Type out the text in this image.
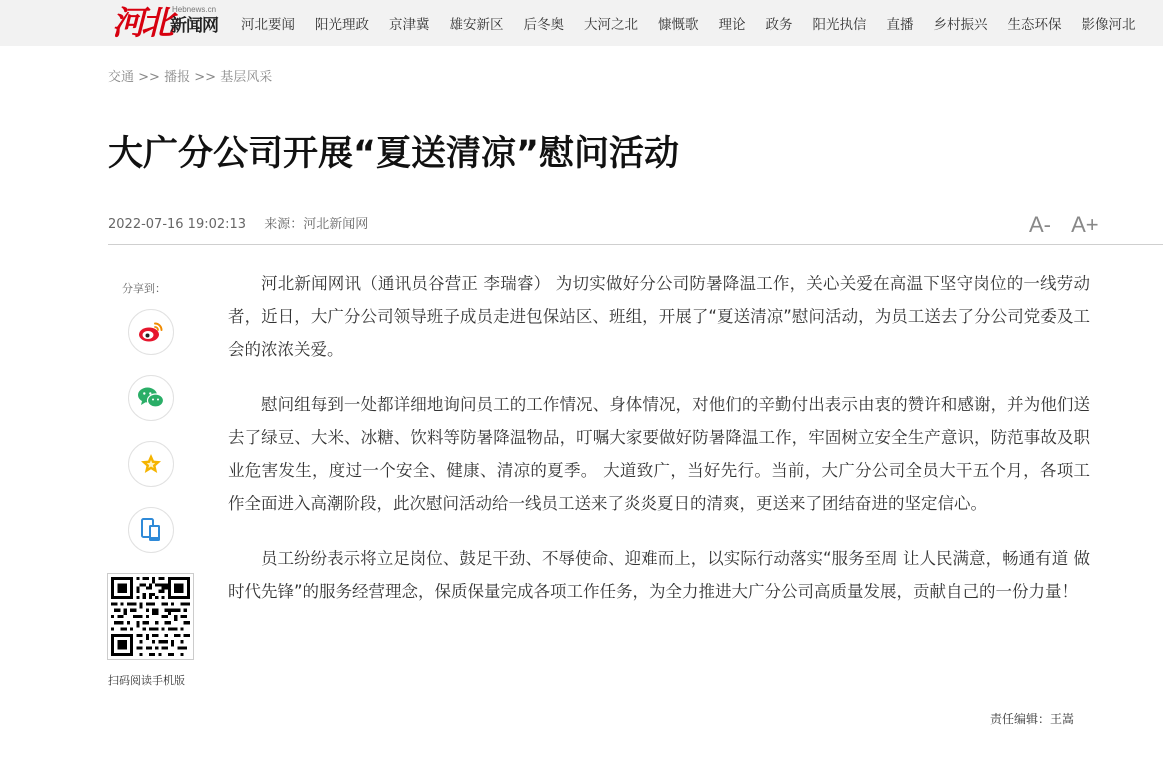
河北 Hebnews.cn
新闻网 河北要闻 阳光理政 京津冀 雄安新区 后冬奥 大河之北 慷慨歌 理论 政务 阳光执信 直播 乡村振兴 生态环保 影像河北
交通 >> 播报 >> 基层风采
大广分公司开展“夏送清凉”慰问活动
2022-07-16 19:02:13 来源：河北新闻网	A- A+
分享到：
扫码阅读手机版

河北新闻网讯（通讯员谷营正 李瑞睿） 为切实做好分公司防暑降温工作，关心关爱在高温下坚守岗位的一线劳动者，近日，大广分公司领导班子成员走进包保站区、班组，开展了“夏送清凉”慰问活动，为员工送去了分公司党委及工会的浓浓关爱。

慰问组每到一处都详细地询问员工的工作情况、身体情况，对他们的辛勤付出表示由衷的赞许和感谢，并为他们送去了绿豆、大米、冰糖、饮料等防暑降温物品，叮嘱大家要做好防暑降温工作，牢固树立安全生产意识，防范事故及职业危害发生，度过一个安全、健康、清凉的夏季。 大道致广，当好先行。当前，大广分公司全员大干五个月，各项工作全面进入高潮阶段，此次慰问活动给一线员工送来了炎炎夏日的清爽，更送来了团结奋进的坚定信心。

员工纷纷表示将立足岗位、鼓足干劲、不辱使命、迎难而上，以实际行动落实“服务至周 让人民满意，畅通有道 做时代先锋”的服务经营理念，保质保量完成各项工作任务，为全力推进大广分公司高质量发展，贡献自己的一份力量！

责任编辑：王嵩
